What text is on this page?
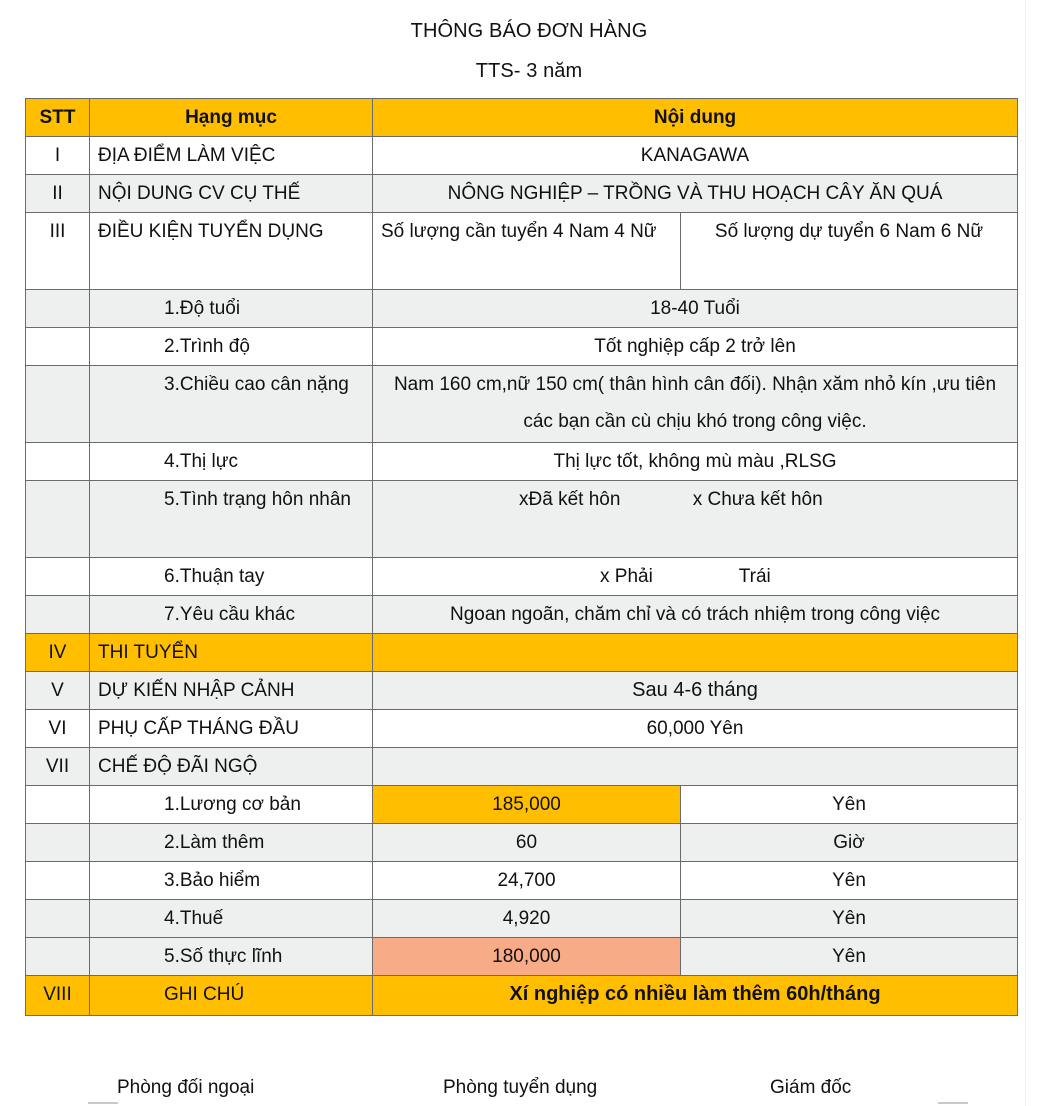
THÔNG BÁO ĐƠN HÀNG
TTS- 3 năm
STT	Hạng mục	Nội dung	
I	ĐỊA ĐIỂM LÀM VIỆC	KANAGAWA	
II	NỘI DUNG CV CỤ THẾ	NÔNG NGHIỆP – TRỒNG VÀ THU HOẠCH CÂY ĂN QUÁ	
III	ĐIỀU KIỆN TUYỂN DỤNG	Số lượng cần tuyển 4 Nam 4 Nữ	Số lượng dự tuyển 6 Nam 6 Nữ
	1.Độ tuổi	18-40 Tuổi	
	2.Trình độ	Tốt nghiệp cấp 2 trở lên	
	3.Chiều cao cân nặng	Nam 160 cm,nữ 150 cm( thân hình cân đối). Nhận xăm nhỏ kín ,ưu tiên các bạn cần cù chịu khó trong công việc.	
	4.Thị lực	Thị lực tốt, không mù màu ,RLSG	
	5.Tình trạng hôn nhân	xĐã kết hôn x Chưa kết hôn	
	6.Thuận tay	x Phải Trái	
	7.Yêu cầu khác	Ngoan ngoãn, chăm chỉ và có trách nhiệm trong công việc	
IV	THI TUYỂN		
V	DỰ KIẾN NHẬP CẢNH	Sau 4-6 tháng	
VI	PHỤ CẤP THÁNG ĐẦU	60,000 Yên	
VII	CHẾ ĐỘ ĐÃI NGỘ		
	1.Lương cơ bản	185,000	Yên
	2.Làm thêm	60	Giờ
	3.Bảo hiểm	24,700	Yên
	4.Thuế	4,920	Yên
	5.Số thực lĩnh	180,000	Yên
VIII	GHI CHÚ	Xí nghiệp có nhiều làm thêm 60h/tháng	
Phòng đối ngoại	Phòng tuyển dụng	Giám đốc
